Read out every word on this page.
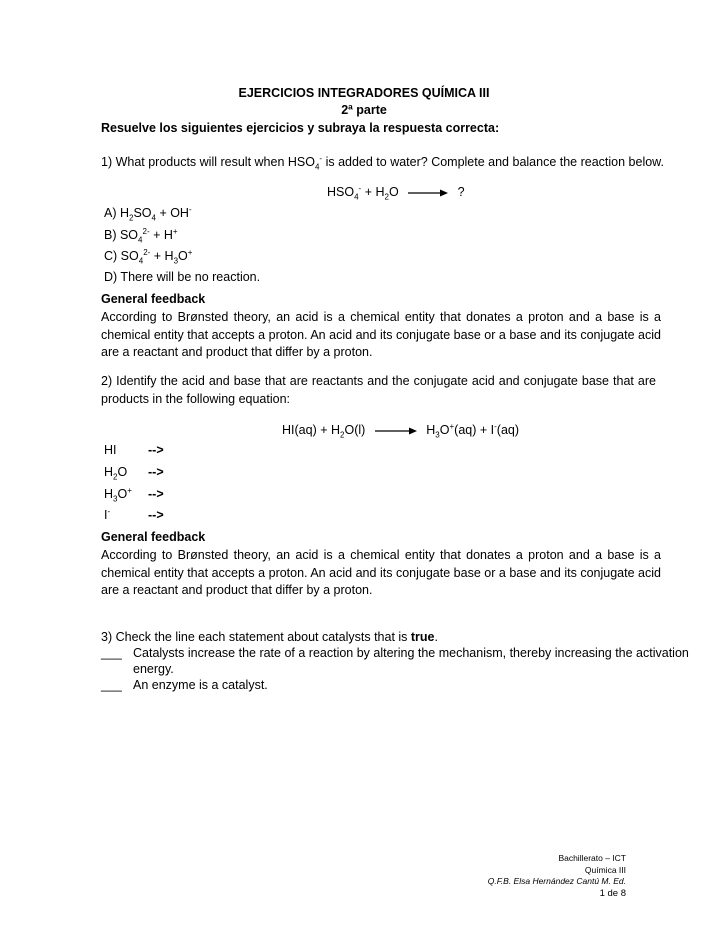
EJERCICIOS INTEGRADORES QUÍMICA III
2ª parte
Resuelve los siguientes ejercicios y subraya la respuesta correcta:
1) What products will result when $HSO_4^-$ is added to water? Complete and balance the reaction below.
$HSO_4^- + H_2O$ → ?
A) $H_2SO_4 + OH^-$
B) $SO_4^{2-} + H^+$
C) $SO_4^{2-} + H_3O^+$
D) There will be no reaction.
General feedback
According to Brønsted theory, an acid is a chemical entity that donates a proton and a base is a chemical entity that accepts a proton. An acid and its conjugate base or a base and its conjugate acid are a reactant and product that differ by a proton.
2) Identify the acid and base that are reactants and the conjugate acid and conjugate base that are products in the following equation:
$HI(aq) + H_2O(l)$	$H_3O^+(aq) + I^-(aq)$
HI	-->
$H_2O$ -->
$H_3O^+$ -->
I-	-->
General feedback
According to Brønsted theory, an acid is a chemical entity that donates a proton and a base is a chemical entity that accepts a proton. An acid and its conjugate base or a base and its conjugate acid are a reactant and product that differ by a proton.
3) Check the line each statement about catalysts that is true.
___ Catalysts increase the rate of a reaction by altering the mechanism, thereby increasing the activation
energy.
___ An enzyme is a catalyst.
Bachillerato – ICT
Química III
Q.F.B. Elsa Hernández Cantú M. Ed.
1 de 8
